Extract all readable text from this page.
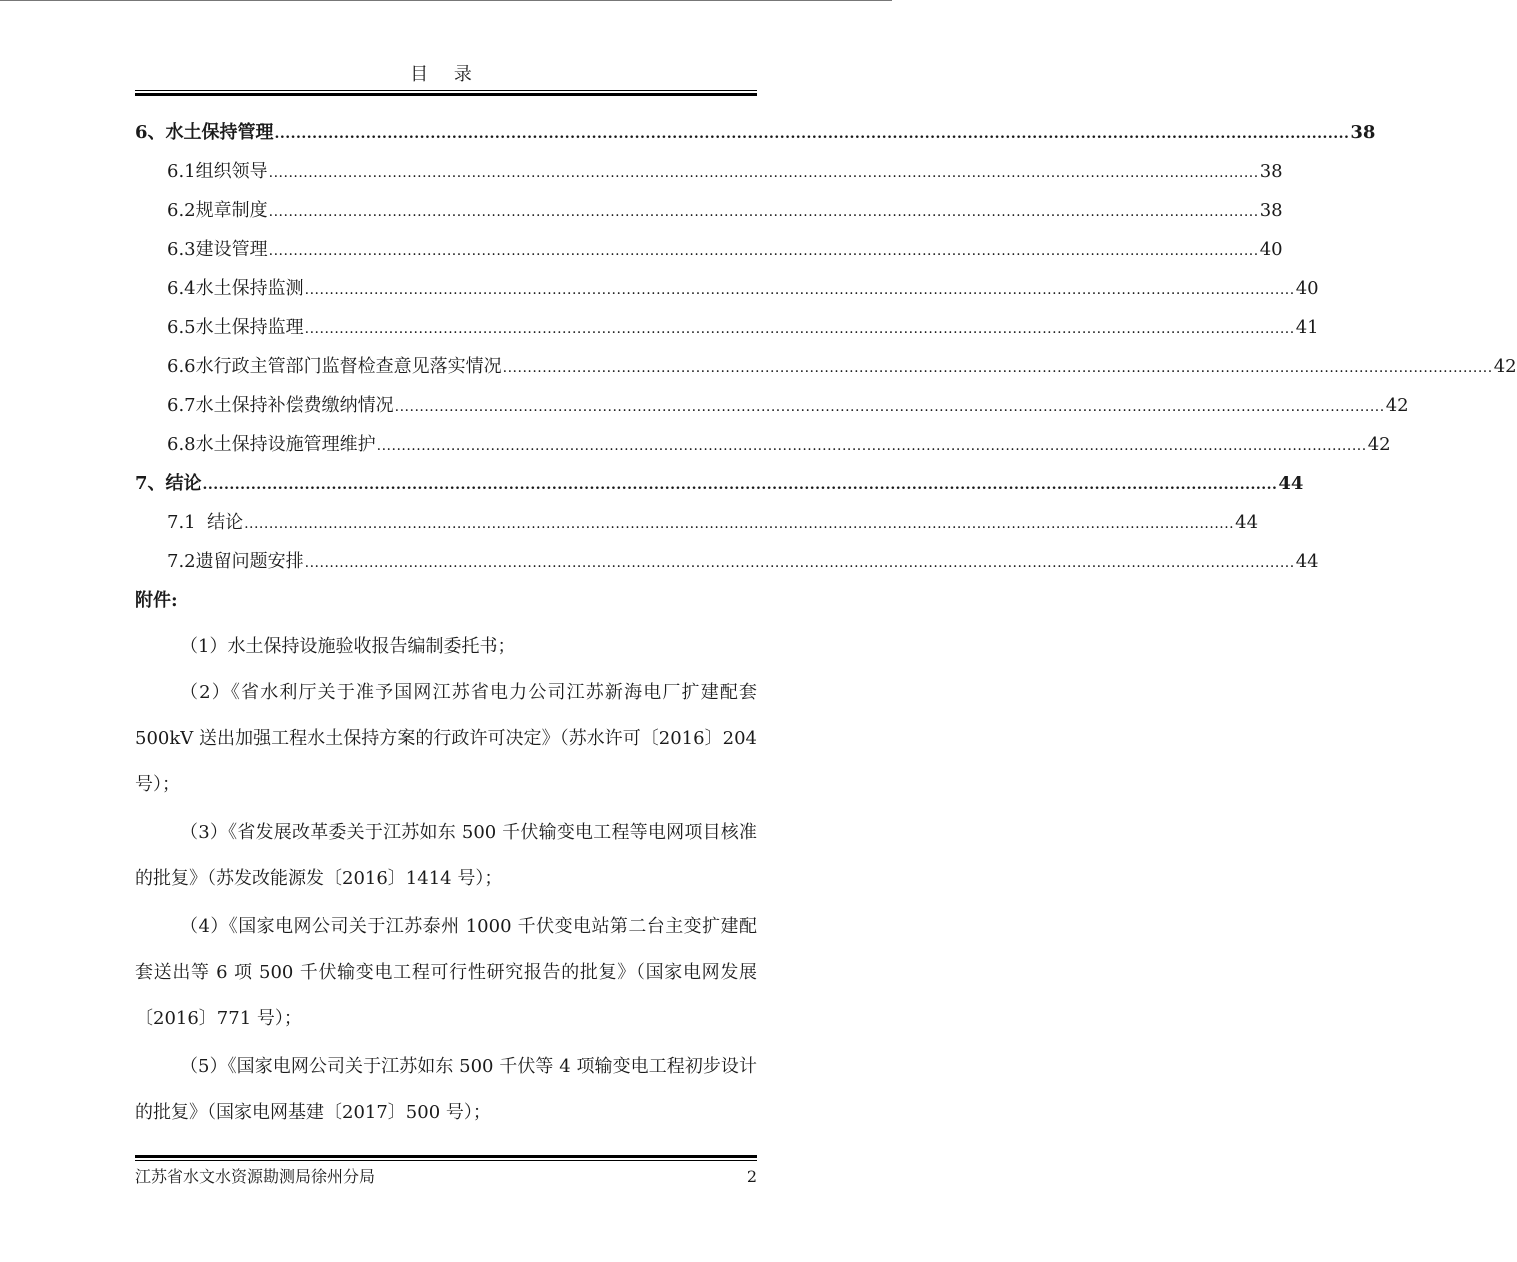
目 录
6、 水土保持管理 ........................................................................................................................................................................................................ 38
6.1 组织领导 ........................................................................................................................................................................................................ 38
6.2 规章制度 ........................................................................................................................................................................................................ 38
6.3 建设管理 ........................................................................................................................................................................................................ 40
6.4 水土保持监测 ........................................................................................................................................................................................................ 40
6.5 水土保持监理 ........................................................................................................................................................................................................ 41
6.6 水行政主管部门监督检查意见落实情况 ........................................................................................................................................................................................................ 42
6.7 水土保持补偿费缴纳情况 ........................................................................................................................................................................................................ 42
6.8 水土保持设施管理维护 ........................................................................................................................................................................................................ 42
7、 结论 ........................................................................................................................................................................................................ 44
7.1 结论 ........................................................................................................................................................................................................ 44
7.2 遗留问题安排 ........................................................................................................................................................................................................ 44
附件:
（1）水土保持设施验收报告编制委托书；
（2）《省水利厅关于准予国网江苏省电力公司江苏新海电厂扩建配套 500kV 送出加强工程水土保持方案的行政许可决定》（苏水许可〔2016〕204 号）；
（3）《省发展改革委关于江苏如东 500 千伏输变电工程等电网项目核准的批复》（苏发改能源发〔2016〕1414 号）；
（4）《国家电网公司关于江苏泰州 1000 千伏变电站第二台主变扩建配套送出等 6 项 500 千伏输变电工程可行性研究报告的批复》（国家电网发展〔2016〕771 号）；
（5）《国家电网公司关于江苏如东 500 千伏等 4 项输变电工程初步设计的批复》（国家电网基建〔2017〕500 号）；
江苏省水文水资源勘测局徐州分局	2
